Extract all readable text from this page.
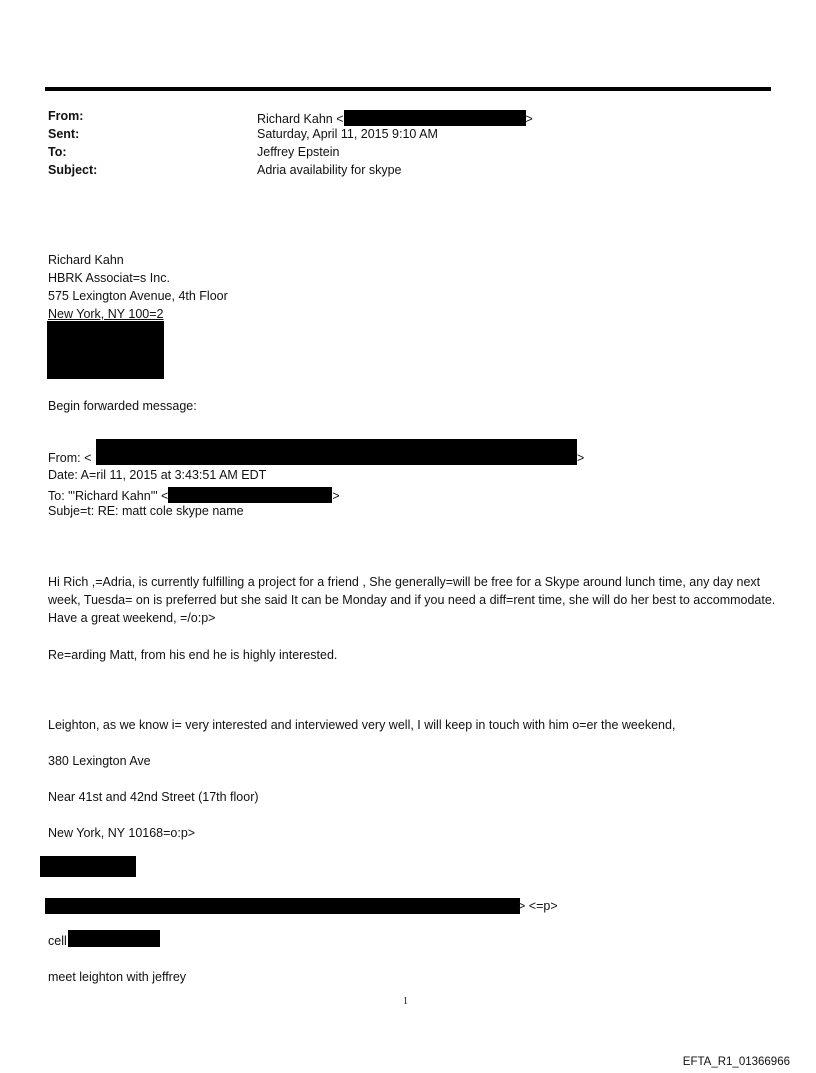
From:	Richard Kahn <	>
Sent:	Saturday, April 11, 2015 9:10 AM
To:	Jeffrey Epstein
Subject:	Adria availability for skype
Richard Kahn
HBRK Associat=s Inc.
575 Lexington Avenue, 4th Floor
New York, NY 100=2
Begin forwarded message:
From: <	>
Date: A=ril 11, 2015 at 3:43:51 AM EDT
To: "'Richard Kahn'" <	>
Subje=t: RE: matt cole skype name
Hi Rich ,=Adria, is currently fulfilling a project for a friend , She generally=will be free for a Skype around lunch time, any day next week, Tuesda= on is preferred but she said It can be Monday and if you need a diff=rent time, she will do her best to accommodate. Have a great weekend, =/o:p>
Re=arding Matt, from his end he is highly interested.
Leighton, as we know i= very interested and interviewed very well, I will keep in touch with him o=er the weekend,
380 Lexington Ave
Near 41st and 42nd Street (17th floor)
New York, NY 10168=o:p>
> <=p>
cell
meet leighton with jeffrey
1
EFTA_R1_01366966
